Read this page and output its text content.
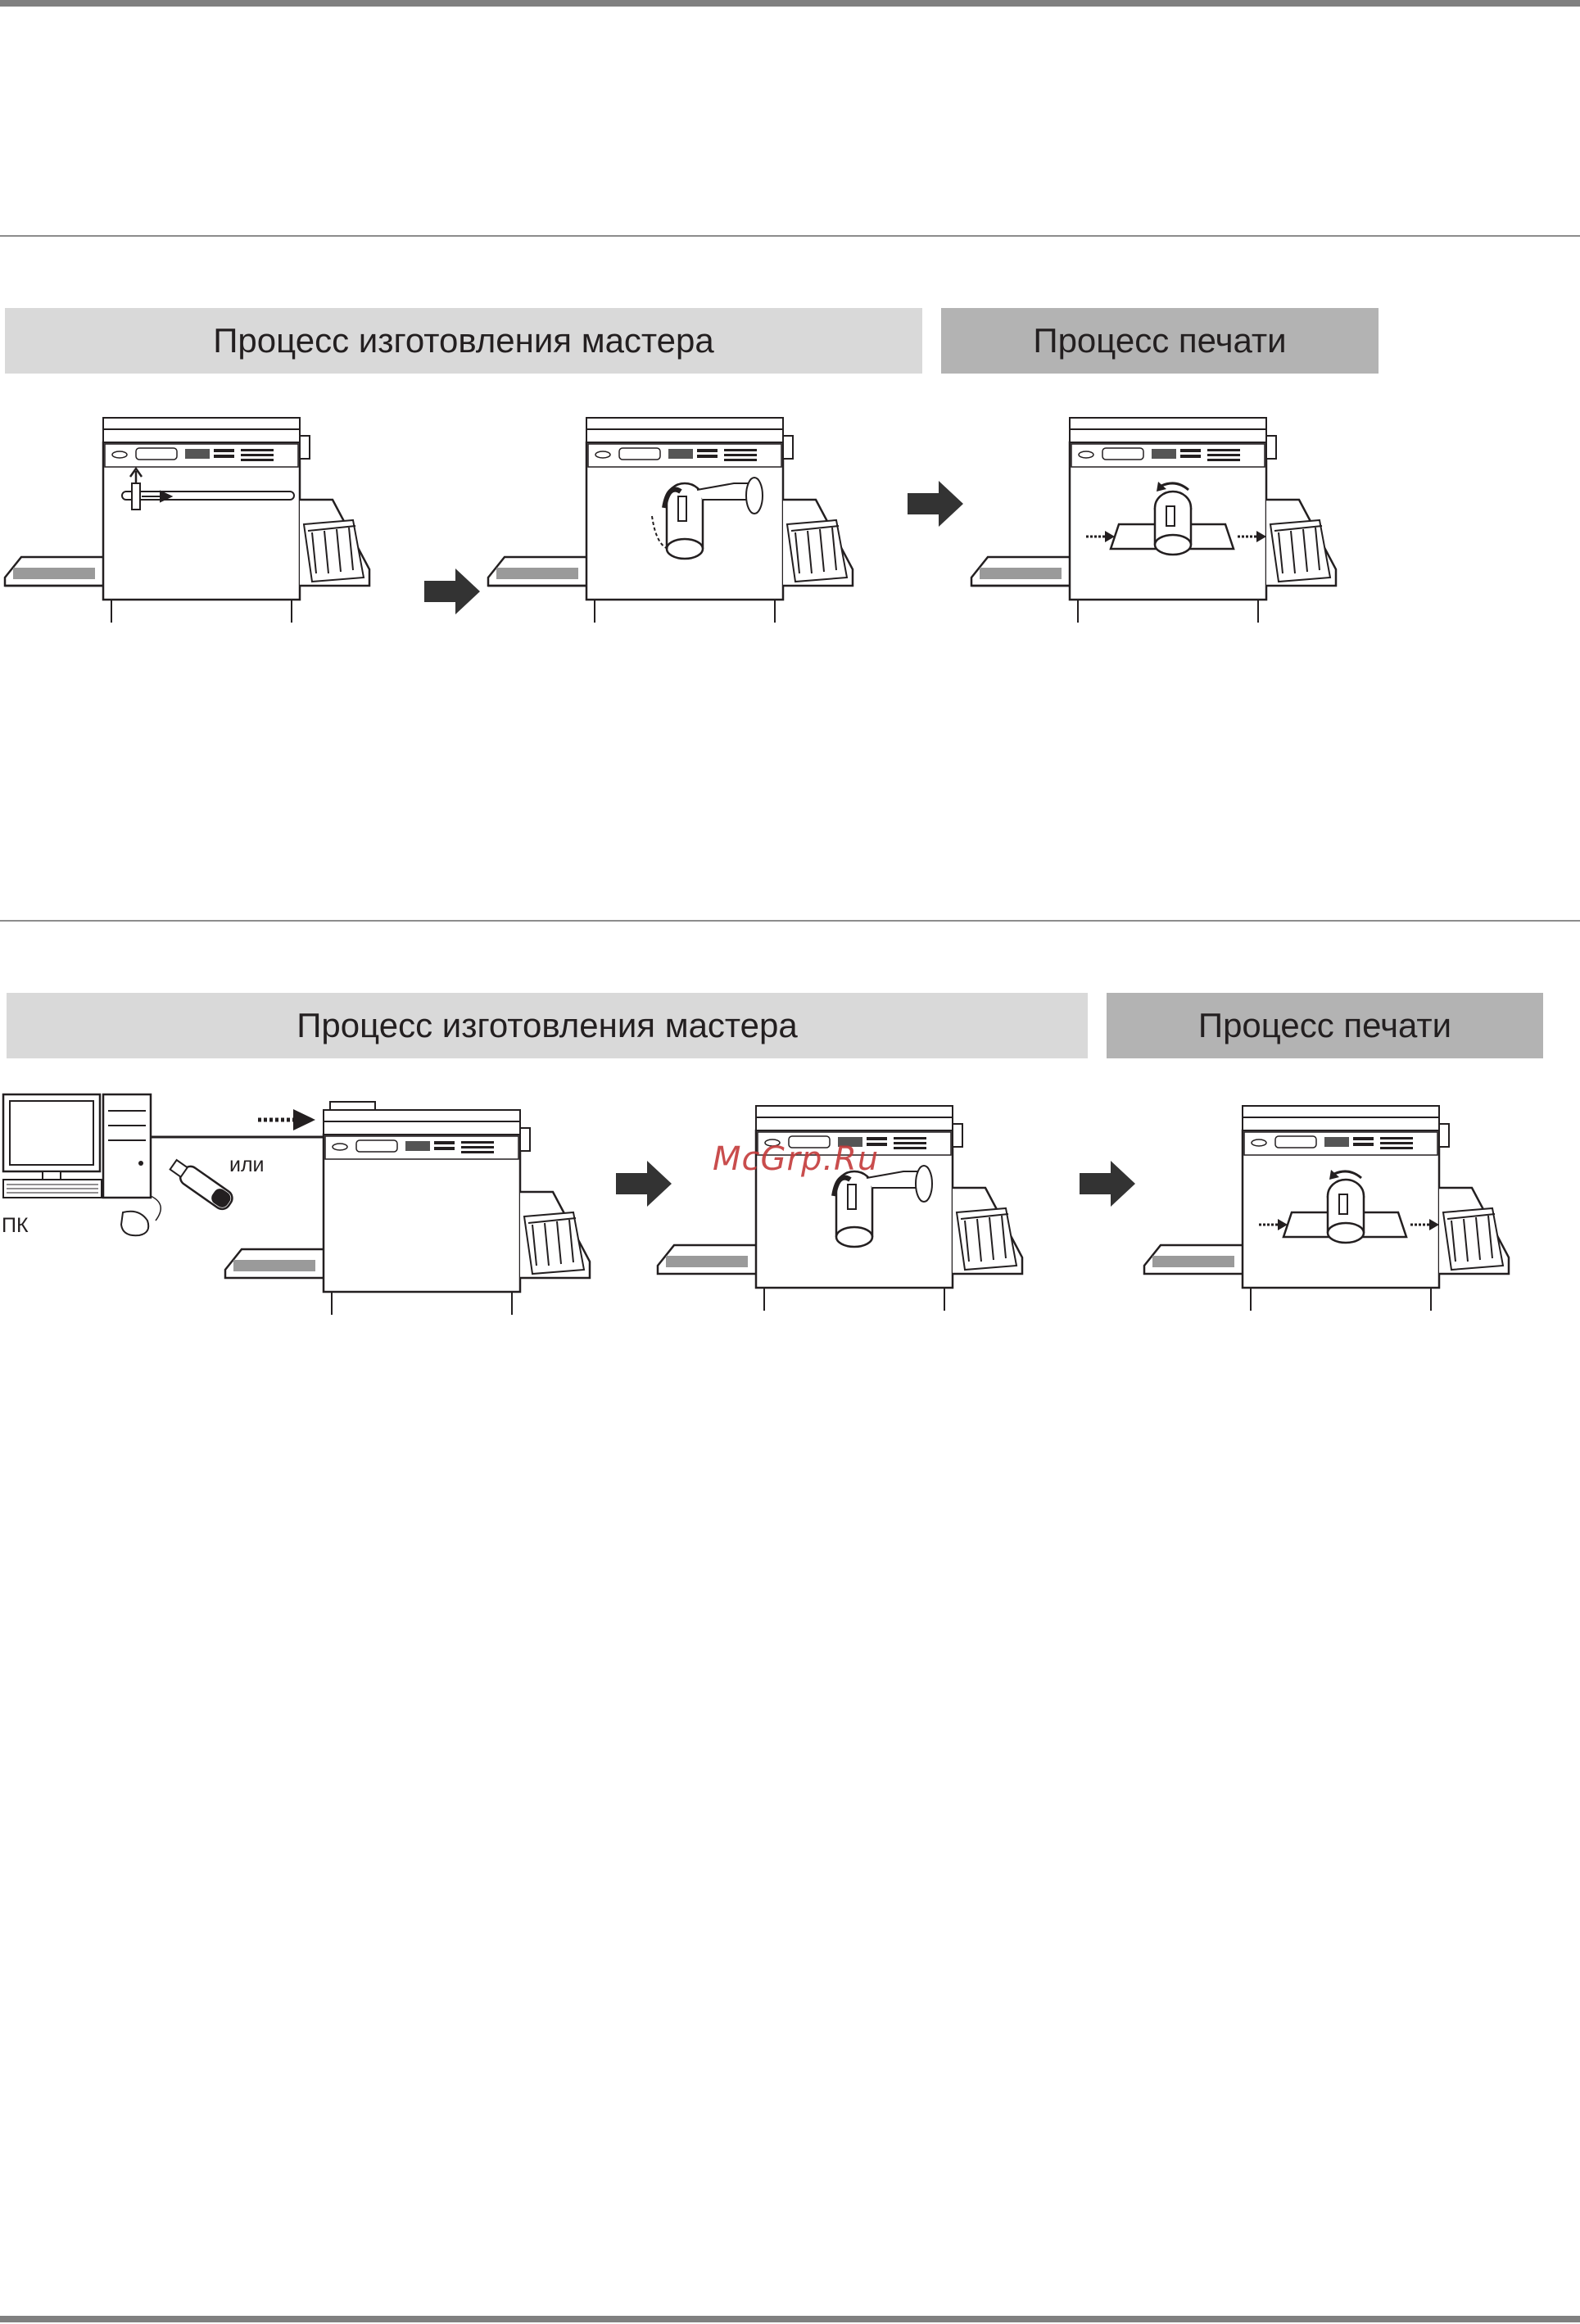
Процесс изготовления мастера	Процесс печати
Процесс изготовления мастера	Процесс печати
или
ПК
McGrp.Ru
